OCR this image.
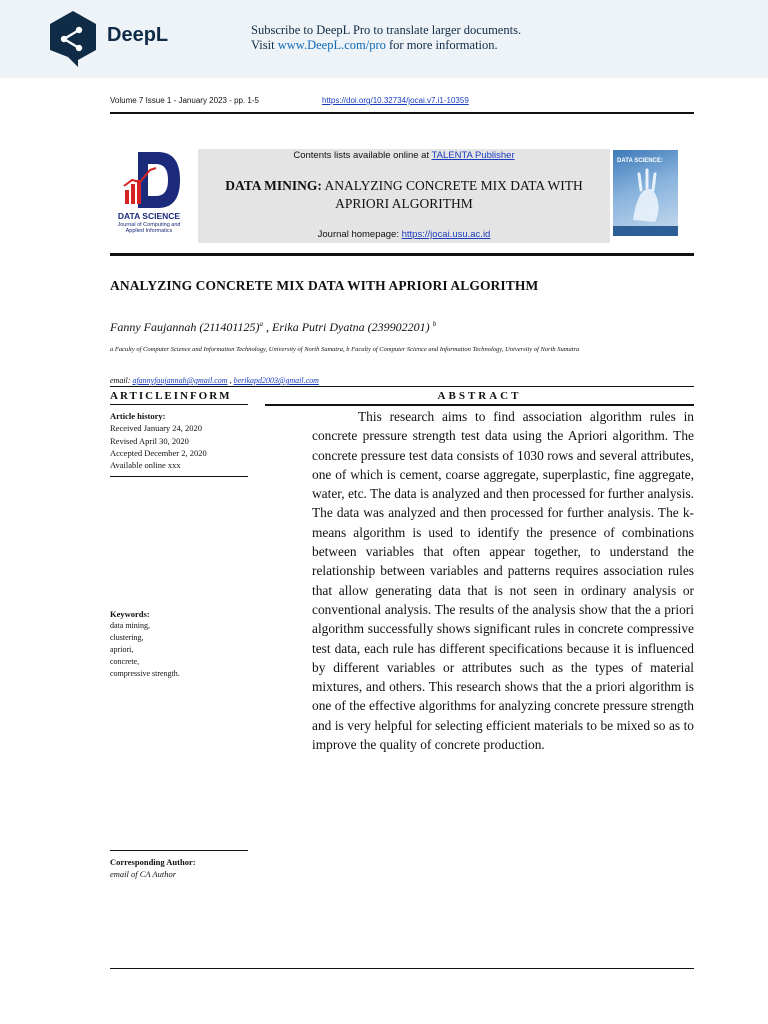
DeepL	Subscribe to DeepL Pro to translate larger documents.
Visit www.DeepL.com/pro for more information.
Volume 7 Issue 1 - January 2023 - pp. 1-5	https://doi.org/10.32734/jocai.v7.i1-10359
DATA SCIENCE
Journal of Computing and Applied Informatics
Contents lists available online at TALENTA Publisher
DATA MINING: ANALYZING CONCRETE MIX DATA WITH APRIORI ALGORITHM
Journal homepage: https://jocai.usu.ac.id
DATA SCIENCE:
ANALYZING CONCRETE MIX DATA WITH APRIORI ALGORITHM
Fanny Faujannah $(211401125)^a$ , Erika Putri Dyatna (239902201) $^b$
a Faculty of Computer Science and Information Technology, University of North Sumatra, b Faculty of Computer Science and Information Technology, University of North Sumatra
email: afannyfaujannah@gmail.com , berikapd2003@gmail.com
ARTICLEINFORM	ABSTRACT
Article history:
Received January 24, 2020
Revised April 30, 2020
Accepted December 2, 2020
Available online xxx
Keywords:
data mining,
clustering,
apriori,
concrete,
compressive strength.
Corresponding Author:
email of CA Author
This research aims to find association algorithm rules in concrete pressure strength test data using the Apriori algorithm. The concrete pressure test data consists of 1030 rows and several attributes, one of which is cement, coarse aggregate, superplastic, fine aggregate, water, etc. The data is analyzed and then processed for further analysis. The data was analyzed and then processed for further analysis. The k-means algorithm is used to identify the presence of combinations between variables that often appear together, to understand the relationship between variables and patterns requires association rules that allow generating data that is not seen in ordinary analysis or conventional analysis. The results of the analysis show that the a priori algorithm successfully shows significant rules in concrete compressive test data, each rule has different specifications because it is influenced by different variables or attributes such as the types of material mixtures, and others. This research shows that the a priori algorithm is one of the effective algorithms for analyzing concrete pressure strength and is very helpful for selecting efficient materials to be mixed so as to improve the quality of concrete production.
